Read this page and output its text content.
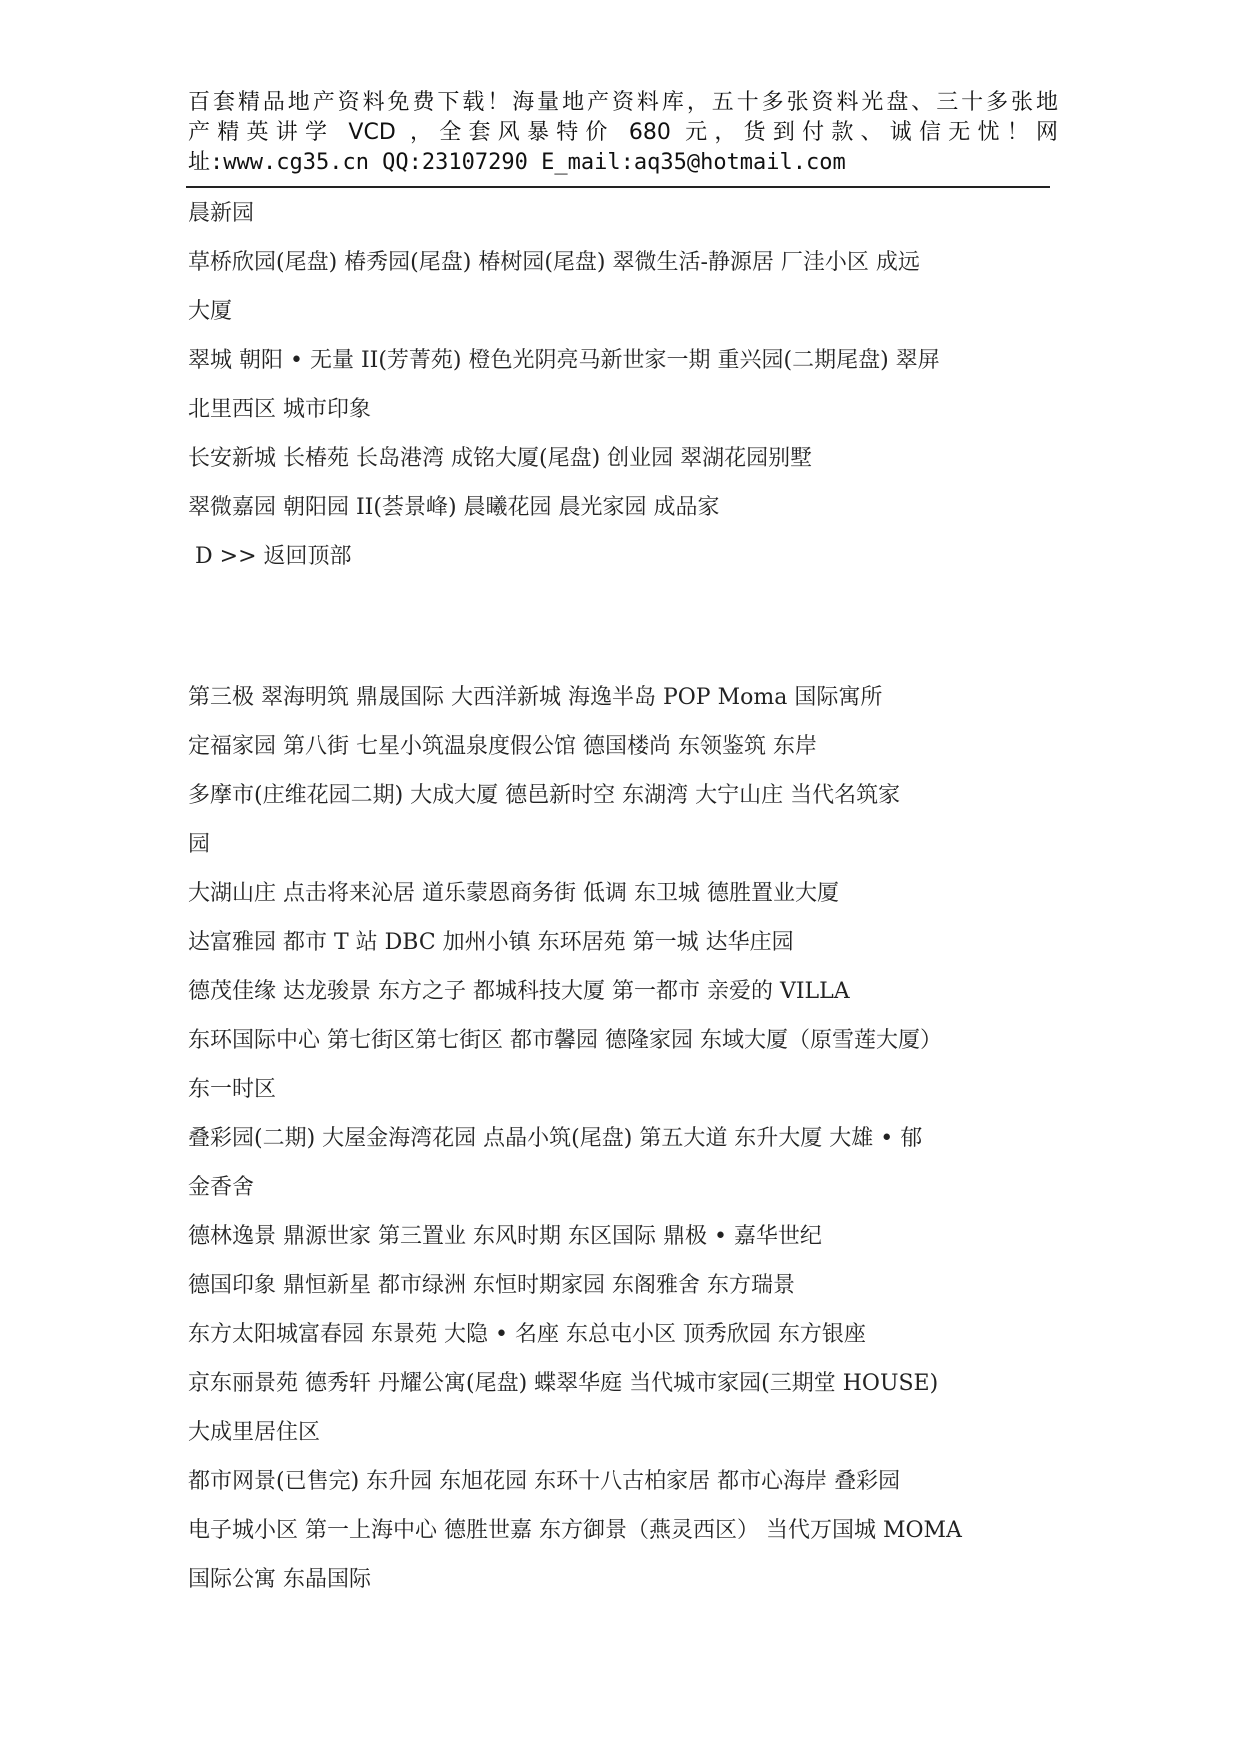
百套精品地产资料免费下载！海量地产资料库，五十多张资料光盘、三十多张地
产精英讲学 VCD ，全套风暴特价 680 元，货到付款、诚信无忧！网
址:www.cg35.cn QQ:23107290 E_mail:aq35@hotmail.com
晨新园
草桥欣园(尾盘) 椿秀园(尾盘) 椿树园(尾盘) 翠微生活-静源居 厂洼小区 成远
大厦
翠城 朝阳 • 无量 II(芳菁苑) 橙色光阴亮马新世家一期 重兴园(二期尾盘) 翠屏
北里西区 城市印象
长安新城 长椿苑 长岛港湾 成铭大厦(尾盘) 创业园 翠湖花园别墅
翠微嘉园 朝阳园 II(荟景峰) 晨曦花园 晨光家园 成品家
D >> 返回顶部
第三极 翠海明筑 鼎晟国际 大西洋新城 海逸半岛 POP Moma 国际寓所
定福家园 第八街 七星小筑温泉度假公馆 德国楼尚 东领鉴筑 东岸
多摩市(庄维花园二期) 大成大厦 德邑新时空 东湖湾 大宁山庄 当代名筑家
园
大湖山庄 点击将来沁居 道乐蒙恩商务街 低调 东卫城 德胜置业大厦
达富雅园 都市 T 站 DBC 加州小镇 东环居苑 第一城 达华庄园
德茂佳缘 达龙骏景 东方之子 都城科技大厦 第一都市 亲爱的 VILLA
东环国际中心 第七街区第七街区 都市馨园 德隆家园 东域大厦（原雪莲大厦）
东一时区
叠彩园(二期) 大屋金海湾花园 点晶小筑(尾盘) 第五大道 东升大厦 大雄 • 郁
金香舍
德林逸景 鼎源世家 第三置业 东风时期 东区国际 鼎极 • 嘉华世纪
德国印象 鼎恒新星 都市绿洲 东恒时期家园 东阁雅舍 东方瑞景
东方太阳城富春园 东景苑 大隐 • 名座 东总屯小区 顶秀欣园 东方银座
京东丽景苑 德秀轩 丹耀公寓(尾盘) 蝶翠华庭 当代城市家园(三期堂 HOUSE)
大成里居住区
都市网景(已售完) 东升园 东旭花园 东环十八古柏家居 都市心海岸 叠彩园
电子城小区 第一上海中心 德胜世嘉 东方御景（燕灵西区） 当代万国城 MOMA
国际公寓 东晶国际
